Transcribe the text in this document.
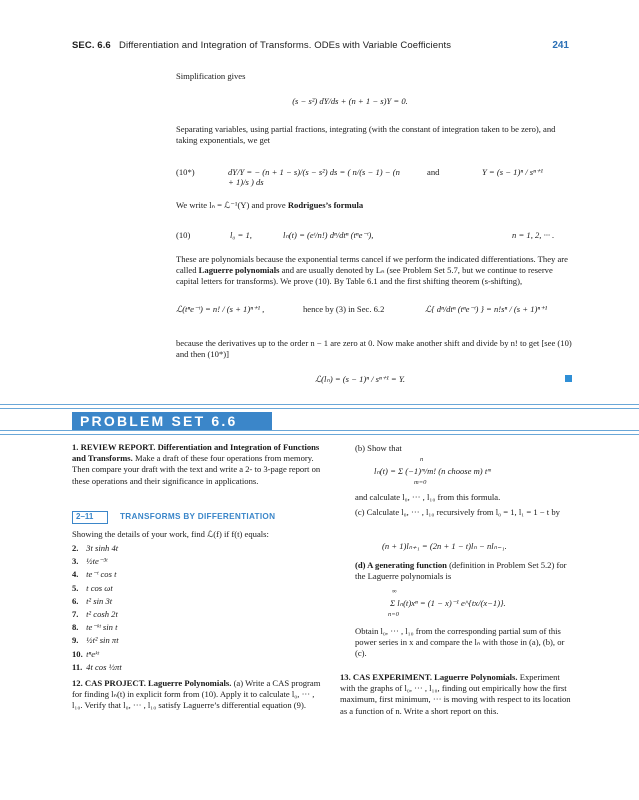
SEC. 6.6 Differentiation and Integration of Transforms. ODEs with Variable Coefficients	241
Simplification gives
(s − s²) dY/ds + (n + 1 − s)Y = 0.
Separating variables, using partial fractions, integrating (with the constant of integration taken to be zero), and taking exponentials, we get
(10*)	dY/Y = − (n + 1 − s)/(s − s²) ds = ( n/(s − 1) − (n + 1)/s ) ds
and	Y = (s − 1)ⁿ / sⁿ⁺¹
We write lₙ = ℒ⁻¹(Y) and prove Rodrigues’s formula
(10)	l₀ = 1,	lₙ(t) = (eᵗ/n!) dⁿ/dtⁿ (tⁿe⁻ᵗ),	n = 1, 2, ··· .
These are polynomials because the exponential terms cancel if we perform the indicated differentiations. They are called Laguerre polynomials and are usually denoted by Lₙ (see Problem Set 5.7, but we continue to reserve capital letters for transforms). We prove (10). By Table 6.1 and the first shifting theorem (s-shifting),
ℒ(tⁿe⁻ᵗ) = n! / (s + 1)ⁿ⁺¹ ,	hence by (3) in Sec. 6.2	ℒ{ dⁿ/dtⁿ (tⁿe⁻ᵗ) } = n!sⁿ / (s + 1)ⁿ⁺¹
because the derivatives up to the order n − 1 are zero at 0. Now make another shift and divide by n! to get [see (10) and then (10*)]
ℒ(lₙ) = (s − 1)ⁿ / sⁿ⁺¹ = Y.
PROBLEM SET 6.6
1. REVIEW REPORT. Differentiation and Integration of Functions and Transforms. Make a draft of these four operations from memory. Then compare your draft with the text and write a 2- to 3-page report on these operations and their significance in applications.
2–11	TRANSFORMS BY DIFFERENTIATION
Showing the details of your work, find ℒ(f) if f(t) equals:
2. 3t sinh 4t
3. ½te⁻³ᵗ
4. te⁻ᵗ cos t
5. t cos ωt
6. t² sin 3t
7. t² cosh 2t
8. te⁻ᵏᵗ sin t
9. ½t² sin πt
10. tⁿeᵏᵗ
11. 4t cos ½πt
12. CAS PROJECT. Laguerre Polynomials. (a) Write a CAS program for finding lₙ(t) in explicit form from (10). Apply it to calculate l₀, ··· , l₁₀. Verify that l₀, ··· , l₁₀ satisfy Laguerre’s differential equation (9).
(b) Show that
n
lₙ(t) = Σ (−1)ᵐ/m! (n choose m) tᵐ
m=0
and calculate l₀, ··· , l₁₀ from this formula.
(c) Calculate l₀, ··· , l₁₀ recursively from l₀ = 1, l₁ = 1 − t by
(n + 1)lₙ₊₁ = (2n + 1 − t)lₙ − nlₙ₋₁.
(d) A generating function (definition in Problem Set 5.2) for the Laguerre polynomials is
∞
Σ lₙ(t)xⁿ = (1 − x)⁻¹ e^{tx/(x−1)}.
n=0
Obtain l₀, ··· , l₁₀ from the corresponding partial sum of this power series in x and compare the lₙ with those in (a), (b), or (c).
13. CAS EXPERIMENT. Laguerre Polynomials. Experiment with the graphs of l₀, ··· , l₁₀, finding out empirically how the first maximum, first minimum, ··· is moving with respect to its location as a function of n. Write a short report on this.
